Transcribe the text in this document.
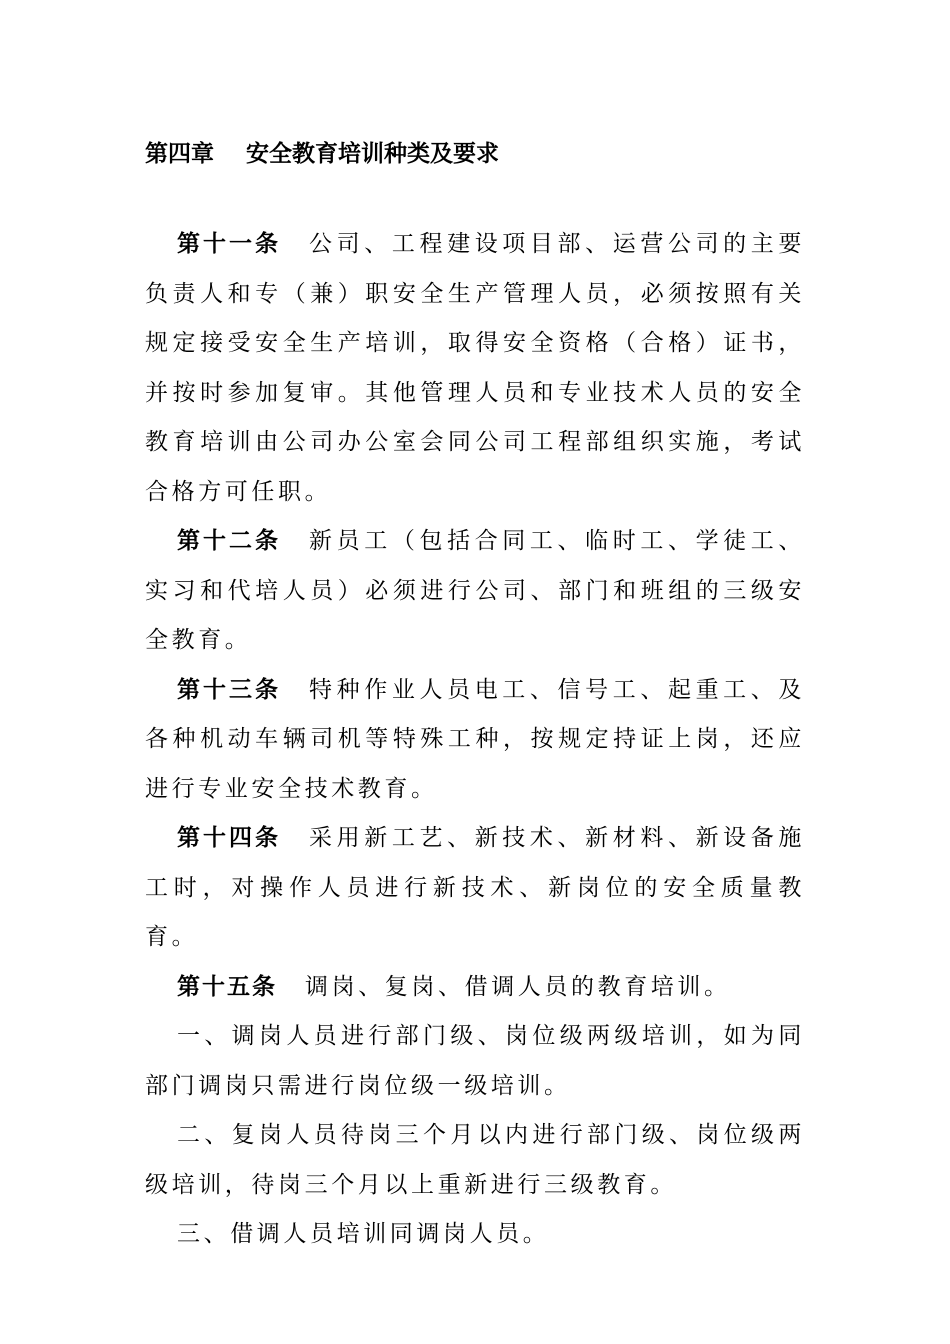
第四章 安全教育培训种类及要求

第十一条 公司、工程建设项目部、运营公司的主要负责人和专（兼）职安全生产管理人员，必须按照有关规定接受安全生产培训，取得安全资格（合格）证书，并按时参加复审。其他管理人员和专业技术人员的安全教育培训由公司办公室会同公司工程部组织实施，考试合格方可任职。

第十二条 新员工（包括合同工、临时工、学徒工、实习和代培人员）必须进行公司、部门和班组的三级安全教育。

第十三条 特种作业人员电工、信号工、起重工、及各种机动车辆司机等特殊工种，按规定持证上岗，还应进行专业安全技术教育。

第十四条 采用新工艺、新技术、新材料、新设备施工时，对操作人员进行新技术、新岗位的安全质量教育。

第十五条 调岗、复岗、借调人员的教育培训。

一、调岗人员进行部门级、岗位级两级培训，如为同部门调岗只需进行岗位级一级培训。

二、复岗人员待岗三个月以内进行部门级、岗位级两级培训，待岗三个月以上重新进行三级教育。

三、借调人员培训同调岗人员。
